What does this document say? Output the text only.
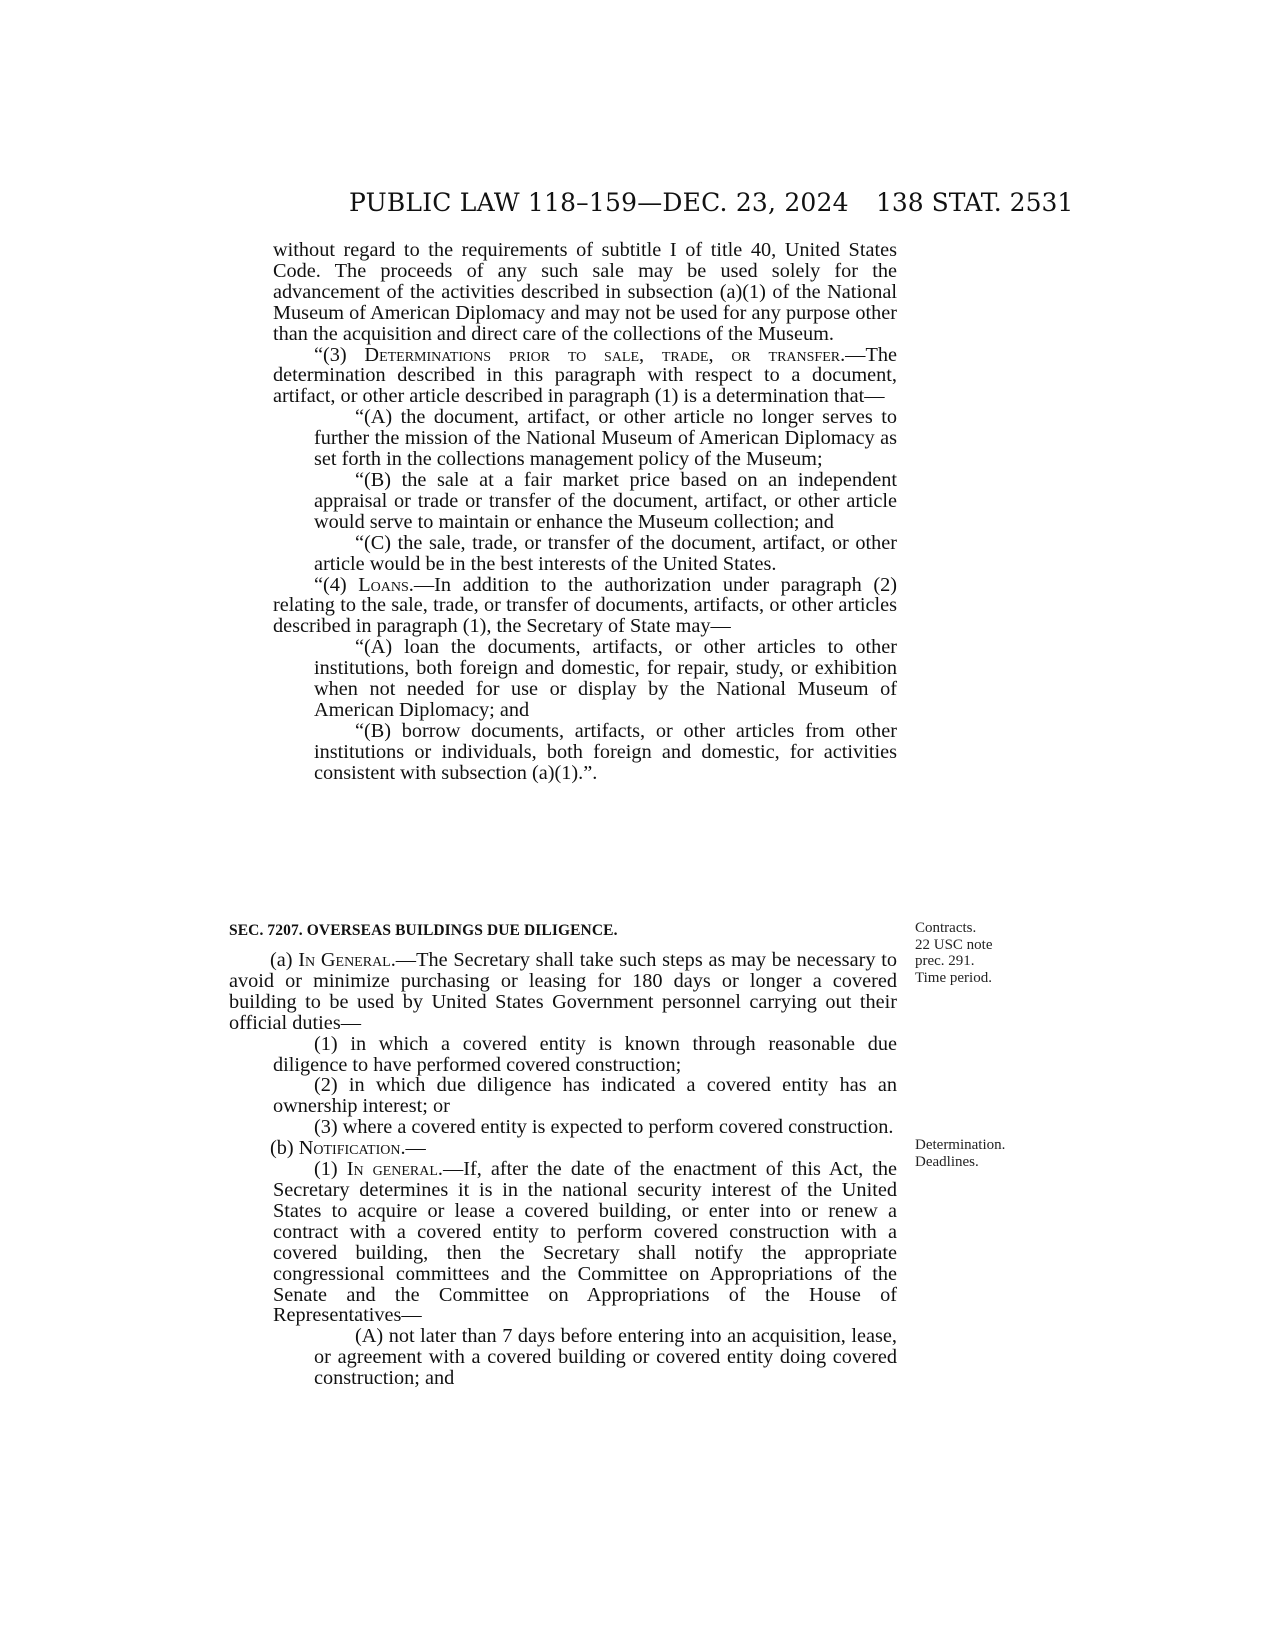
PUBLIC LAW 118–159—DEC. 23, 2024 138 STAT. 2531

without regard to the requirements of subtitle I of title 40, United States Code. The proceeds of any such sale may be used solely for the advancement of the activities described in subsection (a)(1) of the National Museum of American Diplomacy and may not be used for any purpose other than the acquisition and direct care of the collections of the Museum.

“(3) Determinations prior to sale, trade, or transfer.—The determination described in this paragraph with respect to a document, artifact, or other article described in paragraph (1) is a determination that—

“(A) the document, artifact, or other article no longer serves to further the mission of the National Museum of American Diplomacy as set forth in the collections management policy of the Museum;

“(B) the sale at a fair market price based on an independent appraisal or trade or transfer of the document, artifact, or other article would serve to maintain or enhance the Museum collection; and

“(C) the sale, trade, or transfer of the document, artifact, or other article would be in the best interests of the United States.

“(4) Loans.—In addition to the authorization under paragraph (2) relating to the sale, trade, or transfer of documents, artifacts, or other articles described in paragraph (1), the Secretary of State may—

“(A) loan the documents, artifacts, or other articles to other institutions, both foreign and domestic, for repair, study, or exhibition when not needed for use or display by the National Museum of American Diplomacy; and

“(B) borrow documents, artifacts, or other articles from other institutions or individuals, both foreign and domestic, for activities consistent with subsection (a)(1).”.

SEC. 7207. OVERSEAS BUILDINGS DUE DILIGENCE.

(a) In General.—The Secretary shall take such steps as may be necessary to avoid or minimize purchasing or leasing for 180 days or longer a covered building to be used by United States Government personnel carrying out their official duties—

(1) in which a covered entity is known through reasonable due diligence to have performed covered construction;

(2) in which due diligence has indicated a covered entity has an ownership interest; or

(3) where a covered entity is expected to perform covered construction.

(b) Notification.—

(1) In general.—If, after the date of the enactment of this Act, the Secretary determines it is in the national security interest of the United States to acquire or lease a covered building, or enter into or renew a contract with a covered entity to perform covered construction with a covered building, then the Secretary shall notify the appropriate congressional committees and the Committee on Appropriations of the Senate and the Committee on Appropriations of the House of Representatives—

(A) not later than 7 days before entering into an acquisition, lease, or agreement with a covered building or covered entity doing covered construction; and

Contracts.
22 USC note
prec. 291.
Time period.
Determination.
Deadlines.
